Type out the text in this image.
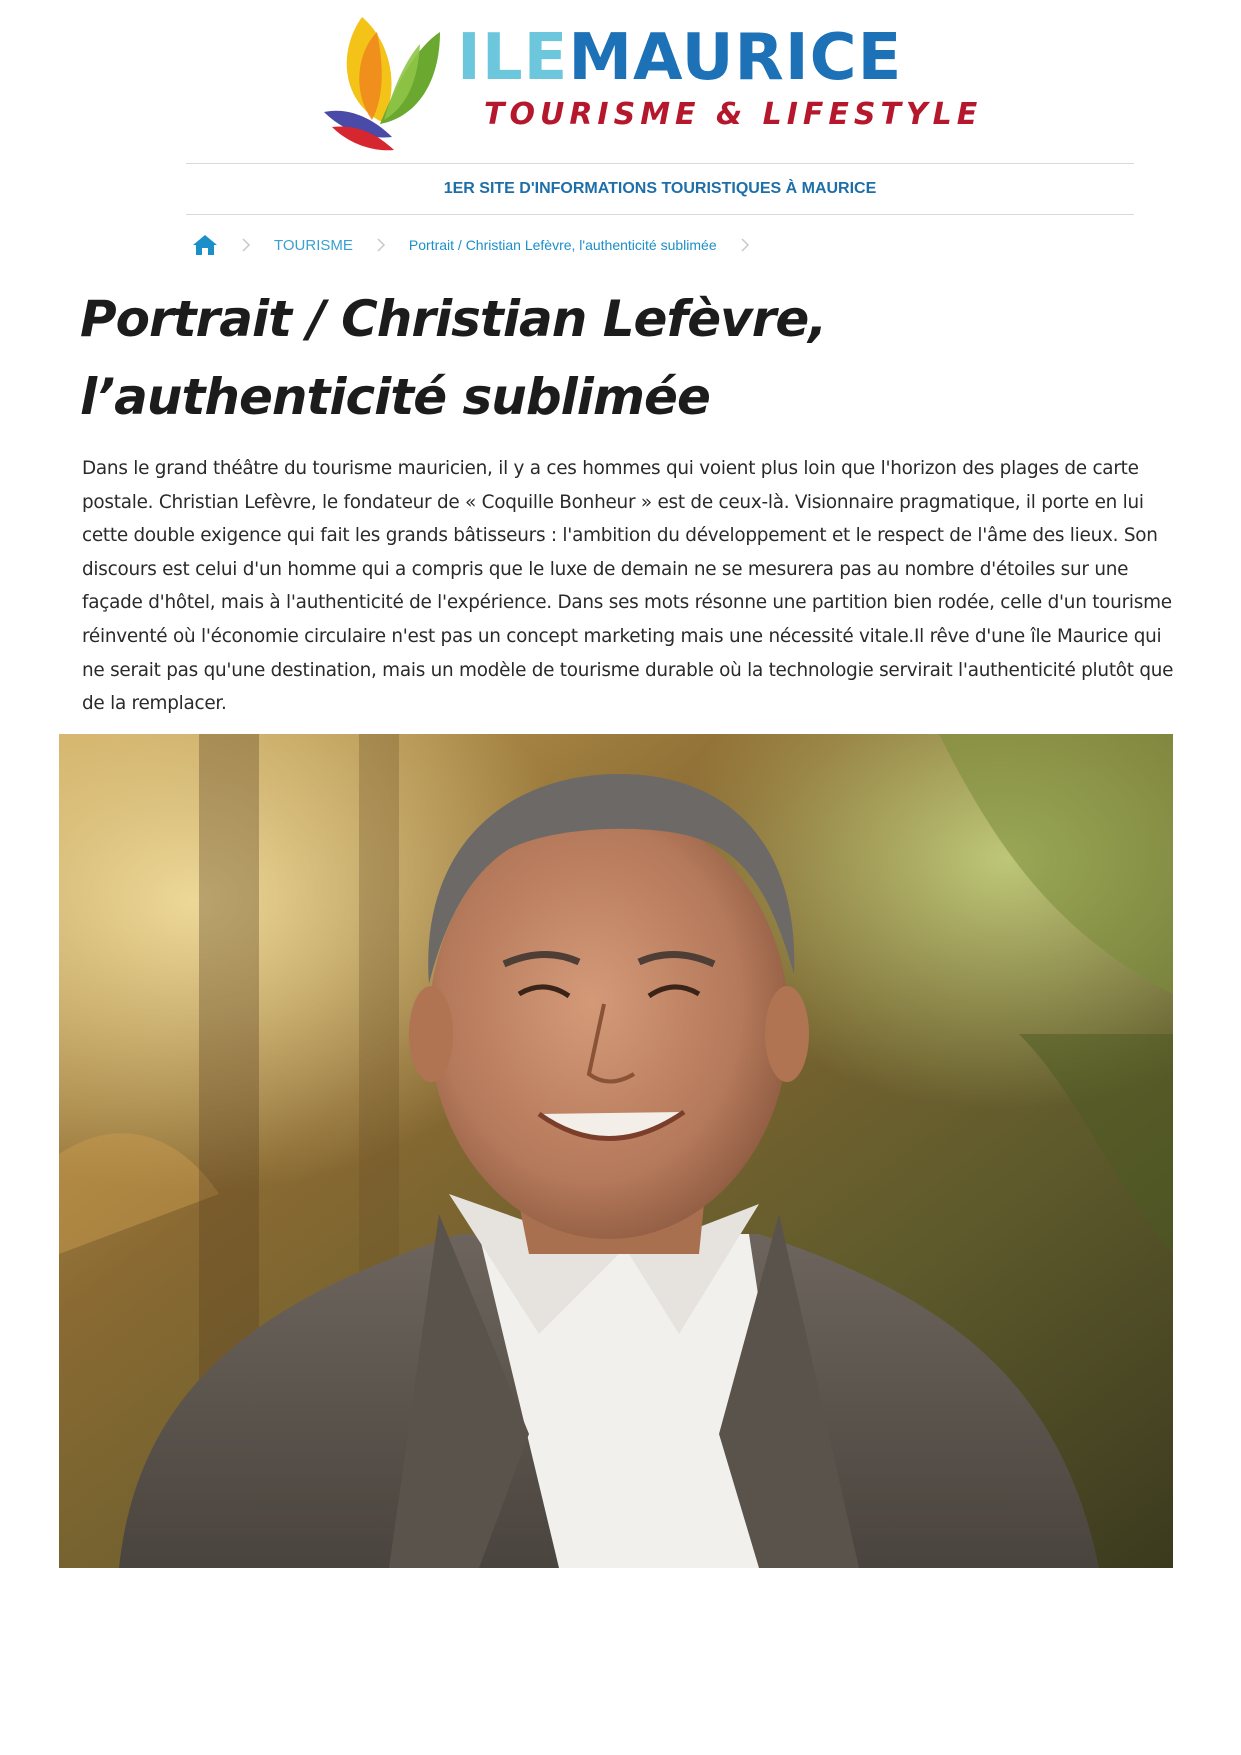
ILEMAURICE
TOURISME & LIFESTYLE
1ER SITE D'INFORMATIONS TOURISTIQUES À MAURICE
TOURISME	Portrait / Christian Lefèvre, l'authenticité sublimée
Portrait / Christian Lefèvre, l’authenticité sublimée

Dans le grand théâtre du tourisme mauricien, il y a ces hommes qui voient plus loin que l'horizon des plages de carte postale. Christian Lefèvre, le fondateur de « Coquille Bonheur » est de ceux-là. Visionnaire pragmatique, il porte en lui cette double exigence qui fait les grands bâtisseurs : l'ambition du développement et le respect de l'âme des lieux. Son discours est celui d'un homme qui a compris que le luxe de demain ne se mesurera pas au nombre d'étoiles sur une façade d'hôtel, mais à l'authenticité de l'expérience. Dans ses mots résonne une partition bien rodée, celle d'un tourisme réinventé où l'économie circulaire n'est pas un concept marketing mais une nécessité vitale.Il rêve d'une île Maurice qui ne serait pas qu'une destination, mais un modèle de tourisme durable où la technologie servirait l'authenticité plutôt que de la remplacer.
